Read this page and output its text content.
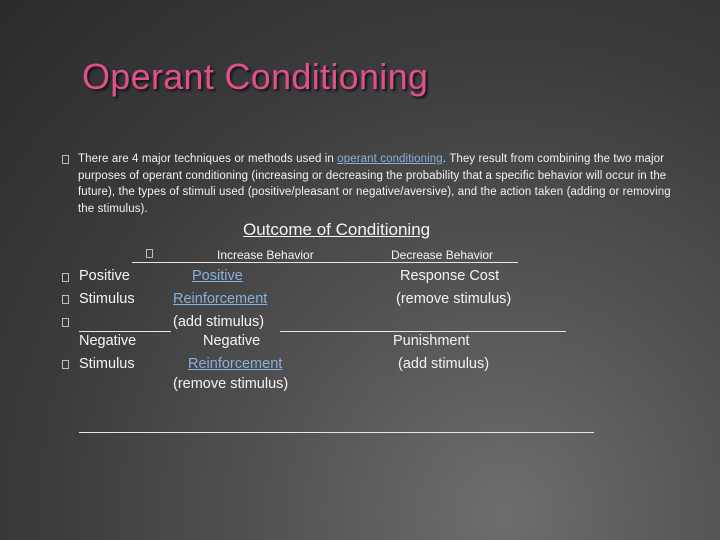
Operant Conditioning
There are 4 major techniques or methods used in operant conditioning. They result from combining the two major purposes of operant conditioning (increasing or decreasing the probability that a specific behavior will occur in the future), the types of stimuli used (positive/pleasant or negative/aversive), and the action taken (adding or removing the stimulus).
Outcome of Conditioning
Increase Behavior	Decrease Behavior
Positive
Stimulus
Positive
Reinforcement
(add stimulus)
Response Cost
(remove stimulus)
Negative
Stimulus
Negative
Reinforcement
(remove stimulus)
Punishment
(add stimulus)
